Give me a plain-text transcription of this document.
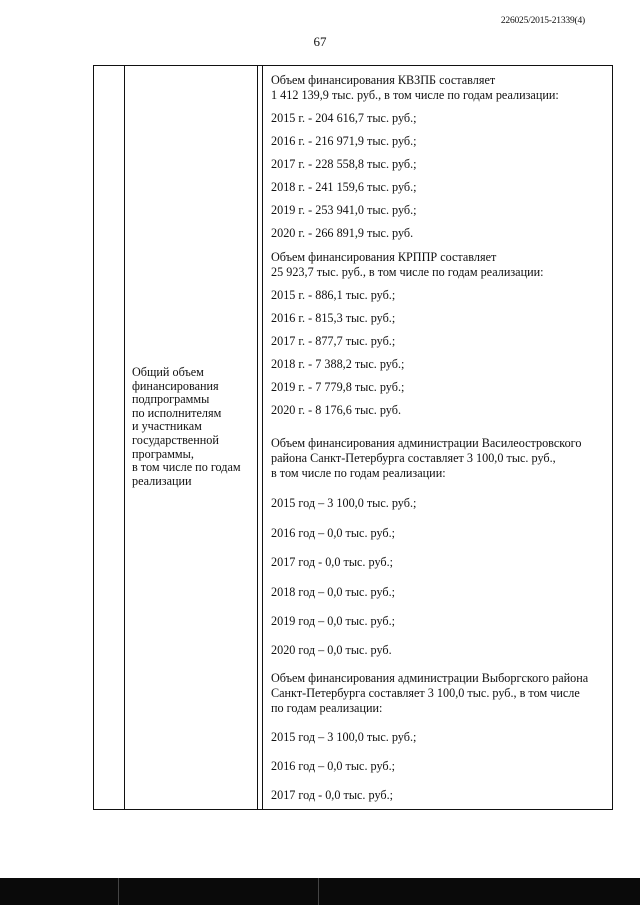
226025/2015-21339(4)
67
Общий объем
финансирования
подпрограммы
по исполнителям
и участникам
государственной
программы,
в том числе по годам
реализации
Объем финансирования КВЗПБ составляет
1 412 139,9 тыс. руб., в том числе по годам реализации:
2015 г. - 204 616,7 тыс. руб.;
2016 г. - 216 971,9 тыс. руб.;
2017 г. - 228 558,8 тыс. руб.;
2018 г. - 241 159,6 тыс. руб.;
2019 г. - 253 941,0 тыс. руб.;
2020 г. - 266 891,9 тыс. руб.
Объем финансирования КРППР составляет
25 923,7 тыс. руб., в том числе по годам реализации:
2015 г. - 886,1 тыс. руб.;
2016 г. - 815,3 тыс. руб.;
2017 г. - 877,7 тыс. руб.;
2018 г. - 7 388,2 тыс. руб.;
2019 г. - 7 779,8 тыс. руб.;
2020 г. - 8 176,6 тыс. руб.
Объем финансирования администрации Василеостровского
района Санкт-Петербурга составляет 3 100,0 тыс. руб.,
в том числе по годам реализации:
2015 год – 3 100,0 тыс. руб.;
2016 год – 0,0 тыс. руб.;
2017 год - 0,0 тыс. руб.;
2018 год – 0,0 тыс. руб.;
2019 год – 0,0 тыс. руб.;
2020 год – 0,0 тыс. руб.
Объем финансирования администрации Выборгского района
Санкт-Петербурга составляет 3 100,0 тыс. руб., в том числе
по годам реализации:
2015 год – 3 100,0 тыс. руб.;
2016 год – 0,0 тыс. руб.;
2017 год - 0,0 тыс. руб.;
